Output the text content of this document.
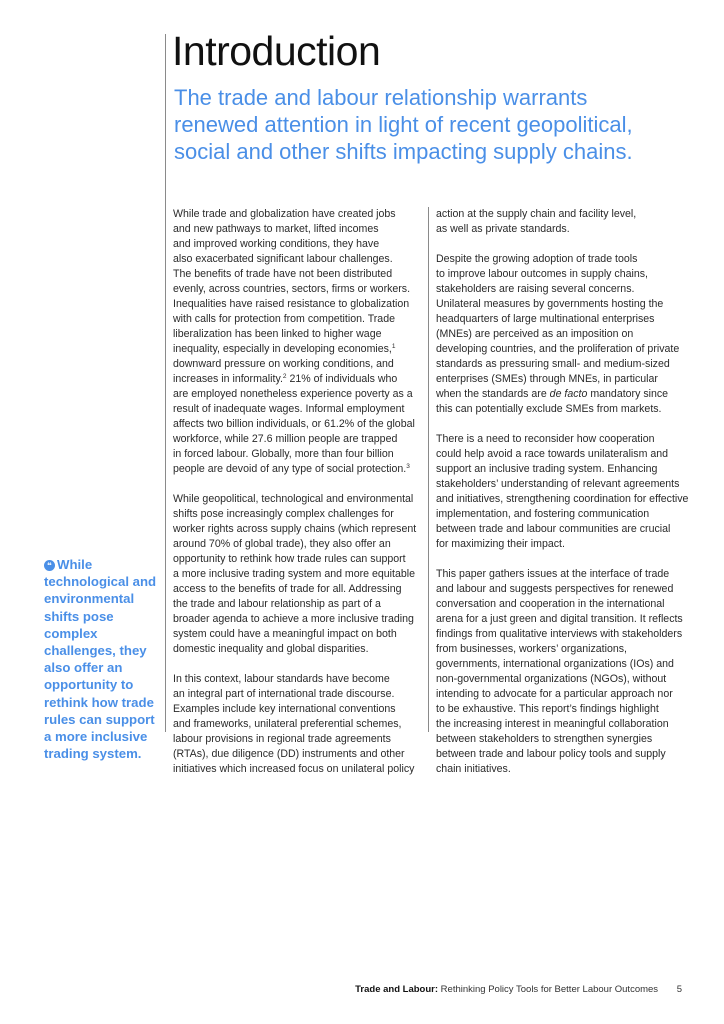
Introduction
The trade and labour relationship warrants
renewed attention in light of recent geopolitical,
social and other shifts impacting supply chains.

While trade and globalization have created jobs
and new pathways to market, lifted incomes
and improved working conditions, they have
also exacerbated significant labour challenges.
The benefits of trade have not been distributed
evenly, across countries, sectors, firms or workers.
Inequalities have raised resistance to globalization
with calls for protection from competition. Trade
liberalization has been linked to higher wage
inequality, especially in developing economies,$^1$
downward pressure on working conditions, and
increases in informality.$^2$ 21% of individuals who
are employed nonetheless experience poverty as a
result of inadequate wages. Informal employment
affects two billion individuals, or 61.2% of the global
workforce, while 27.6 million people are trapped
in forced labour. Globally, more than four billion
people are devoid of any type of social protection.$^3$

While geopolitical, technological and environmental
shifts pose increasingly complex challenges for
worker rights across supply chains (which represent
around 70% of global trade), they also offer an
opportunity to rethink how trade rules can support
a more inclusive trading system and more equitable
access to the benefits of trade for all. Addressing
the trade and labour relationship as part of a
broader agenda to achieve a more inclusive trading
system could have a meaningful impact on both
domestic inequality and global disparities.

In this context, labour standards have become
an integral part of international trade discourse.
Examples include key international conventions
and frameworks, unilateral preferential schemes,
labour provisions in regional trade agreements
(RTAs), due diligence (DD) instruments and other
initiatives which increased focus on unilateral policy

action at the supply chain and facility level,
as well as private standards.

Despite the growing adoption of trade tools
to improve labour outcomes in supply chains,
stakeholders are raising several concerns.
Unilateral measures by governments hosting the
headquarters of large multinational enterprises
(MNEs) are perceived as an imposition on
developing countries, and the proliferation of private
standards as pressuring small- and medium-sized
enterprises (SMEs) through MNEs, in particular
when the standards are de facto mandatory since
this can potentially exclude SMEs from markets.

There is a need to reconsider how cooperation
could help avoid a race towards unilateralism and
support an inclusive trading system. Enhancing
stakeholders’ understanding of relevant agreements
and initiatives, strengthening coordination for effective
implementation, and fostering communication
between trade and labour communities are crucial
for maximizing their impact.

This paper gathers issues at the interface of trade
and labour and suggests perspectives for renewed
conversation and cooperation in the international
arena for a just green and digital transition. It reflects
findings from qualitative interviews with stakeholders
from businesses, workers’ organizations,
governments, international organizations (IOs) and
non-governmental organizations (NGOs), without
intending to advocate for a particular approach nor
to be exhaustive. This report’s findings highlight
the increasing interest in meaningful collaboration
between stakeholders to strengthen synergies
between trade and labour policy tools and supply
chain initiatives.

❝ While
technological and
environmental
shifts pose
complex
challenges, they
also offer an
opportunity to
rethink how trade
rules can support
a more inclusive
trading system.
Trade and Labour: Rethinking Policy Tools for Better Labour Outcomes 5
